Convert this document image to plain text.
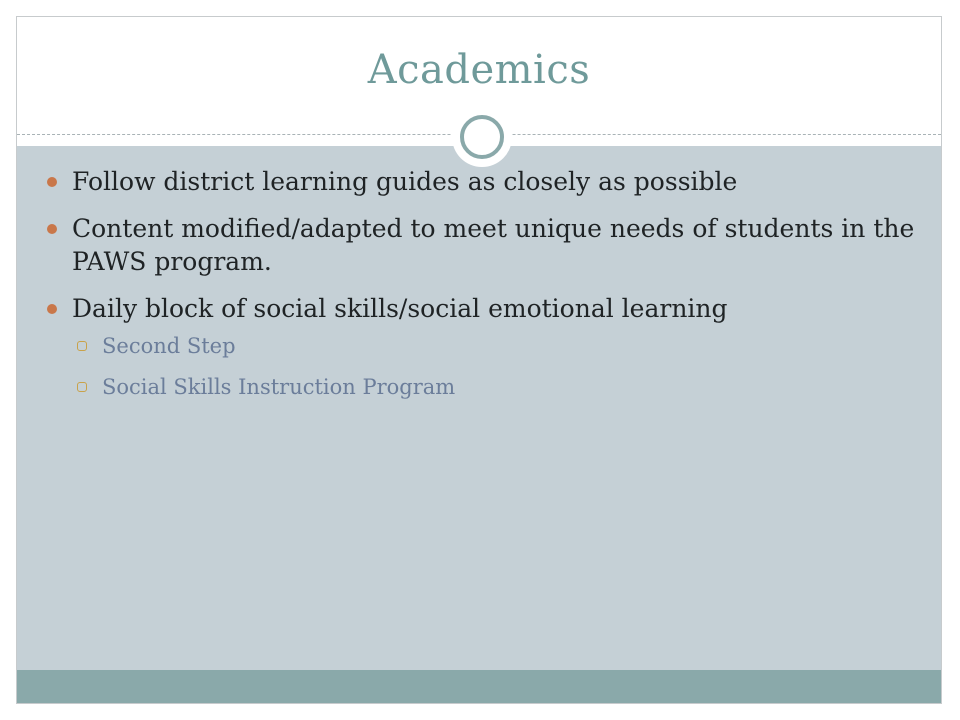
Academics
Follow district learning guides as closely as possible
Content modified/adapted to meet unique needs of students in the PAWS program.
Daily block of social skills/social emotional learning
Second Step
Social Skills Instruction Program
